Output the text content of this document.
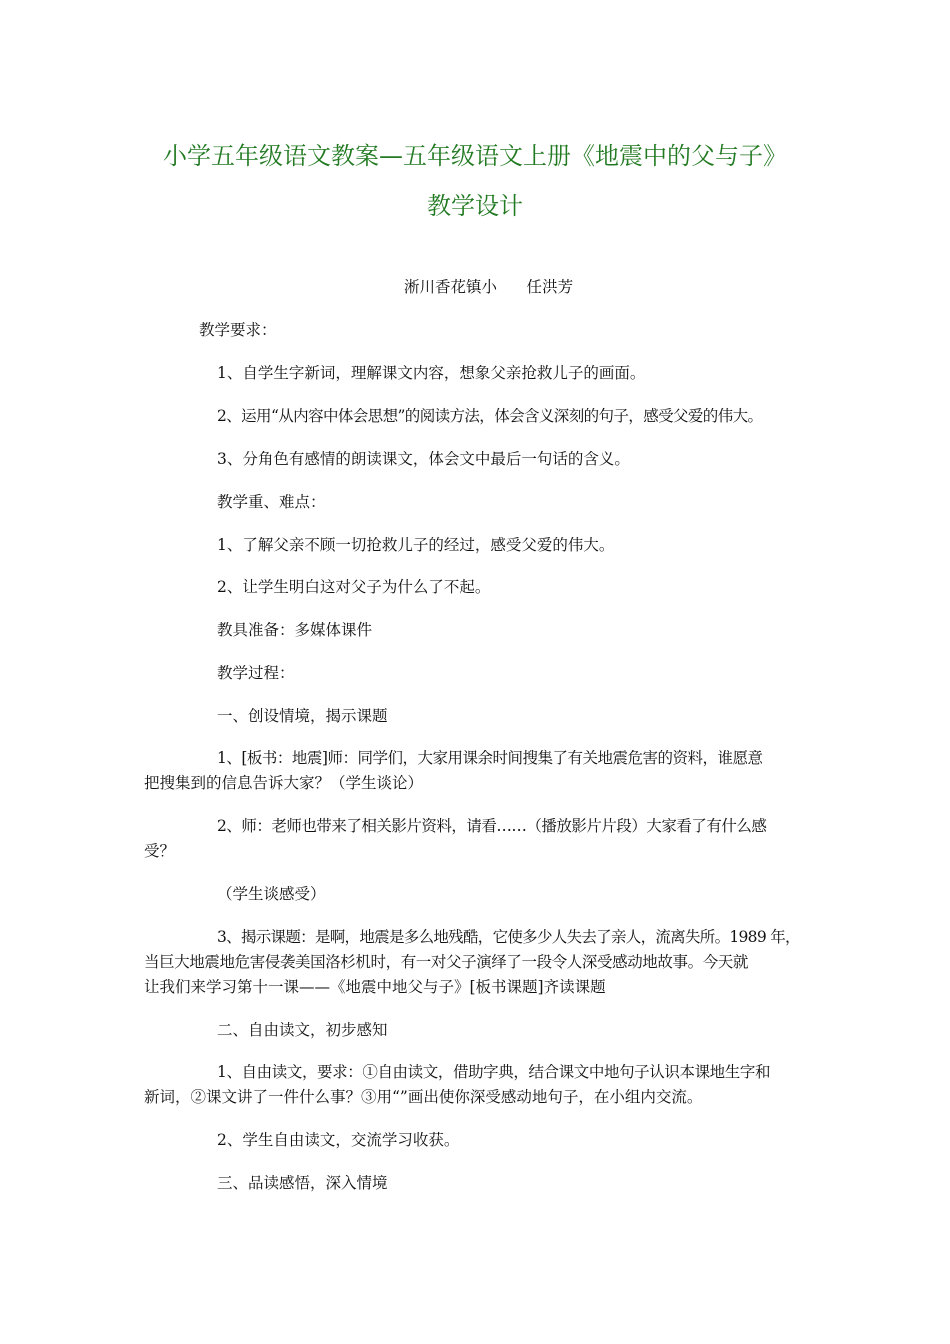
小学五年级语文教案—五年级语文上册《地震中的父与子》
教学设计
淅川香花镇小      任洪芳
教学要求：
1、自学生字新词，理解课文内容，想象父亲抢救儿子的画面。
2、运用“从内容中体会思想”的阅读方法，体会含义深刻的句子，感受父爱的伟大。
3、分角色有感情的朗读课文，体会文中最后一句话的含义。
教学重、难点：
1、了解父亲不顾一切抢救儿子的经过，感受父爱的伟大。
2、让学生明白这对父子为什么了不起。
教具准备：多媒体课件
教学过程：
一、创设情境，揭示课题
1、[板书：地震]师：同学们，大家用课余时间搜集了有关地震危害的资料，谁愿意
把搜集到的信息告诉大家？（学生谈论）
2、师：老师也带来了相关影片资料，请看……（播放影片片段）大家看了有什么感
受？
（学生谈感受）
3、揭示课题：是啊，地震是多么地残酷，它使多少人失去了亲人，流离失所。1989 年，
当巨大地震地危害侵袭美国洛杉机时，有一对父子演绎了一段令人深受感动地故事。今天就
让我们来学习第十一课——《地震中地父与子》[板书课题]齐读课题
二、自由读文，初步感知
1、自由读文，要求：①自由读文，借助字典，结合课文中地句子认识本课地生字和
新词，②课文讲了一件什么事？③用“”画出使你深受感动地句子，在小组内交流。
2、学生自由读文，交流学习收获。
三、品读感悟，深入情境
